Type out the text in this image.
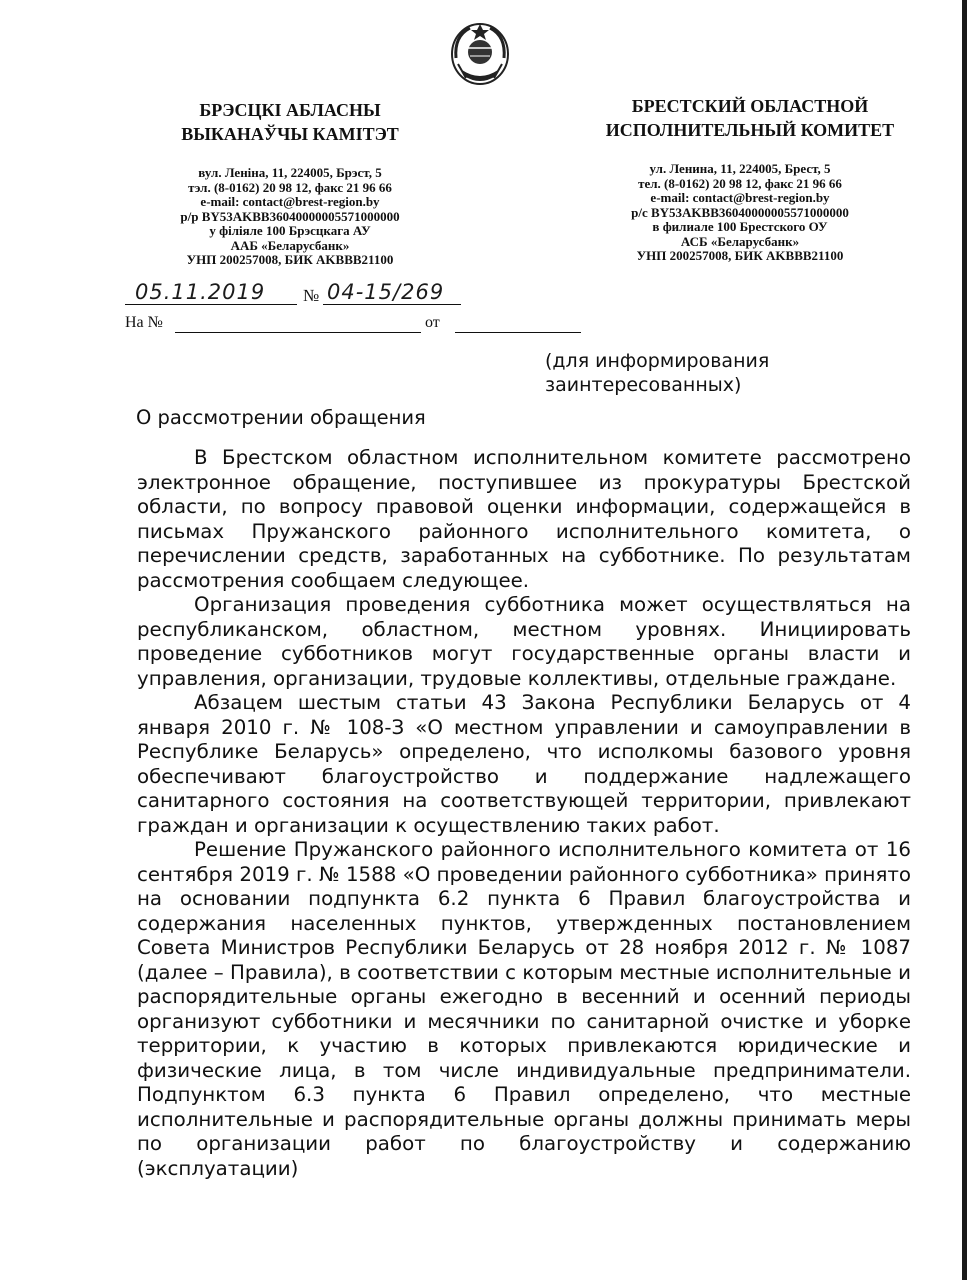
БРЭСЦКІ АБЛАСНЫ
ВЫКАНАЎЧЫ КАМІТЭТ
БРЕСТСКИЙ ОБЛАСТНОЙ
ИСПОЛНИТЕЛЬНЫЙ КОМИТЕТ
вул. Леніна, 11, 224005, Брэст, 5
тэл. (8-0162) 20 98 12, факс 21 96 66
e-mail: contact@brest-region.by
р/р BY53AKBB36040000005571000000
у філіяле 100 Брэсцкага АУ
ААБ «Беларусбанк»
УНП 200257008, БИК AKBBB21100
ул. Ленина, 11, 224005, Брест, 5
тел. (8-0162) 20 98 12, факс 21 96 66
e-mail: contact@brest-region.by
р/с BY53AKBB36040000005571000000
в филиале 100 Брестского ОУ
АСБ «Беларусбанк»
УНП 200257008, БИК AKBBB21100
05.11.2019 № 04-15/269
На №	от
(для информирования
заинтересованных)
О рассмотрении обращения

В Брестском областном исполнительном комитете рассмотрено электронное обращение, поступившее из прокуратуры Брестской области, по вопросу правовой оценки информации, содержащейся в письмах Пружанского районного исполнительного комитета, о перечислении средств, заработанных на субботнике. По результатам рассмотрения сообщаем следующее.

Организация проведения субботника может осуществляться на республиканском, областном, местном уровнях. Инициировать проведение субботников могут государственные органы власти и управления, организации, трудовые коллективы, отдельные граждане.

Абзацем шестым статьи 43 Закона Республики Беларусь от 4 января 2010 г. № 108-З «О местном управлении и самоуправлении в Республике Беларусь» определено, что исполкомы базового уровня обеспечивают благоустройство и поддержание надлежащего санитарного состояния на соответствующей территории, привлекают граждан и организации к осуществлению таких работ.

Решение Пружанского районного исполнительного комитета от 16 сентября 2019 г. № 1588 «О проведении районного субботника» принято на основании подпункта 6.2 пункта 6 Правил благоустройства и содержания населенных пунктов, утвержденных постановлением Совета Министров Республики Беларусь от 28 ноября 2012 г. № 1087 (далее – Правила), в соответствии с которым местные исполнительные и распорядительные органы ежегодно в весенний и осенний периоды организуют субботники и месячники по санитарной очистке и уборке территории, к участию в которых привлекаются юридические и физические лица, в том числе индивидуальные предприниматели. Подпунктом 6.3 пункта 6 Правил определено, что местные исполнительные и распорядительные органы должны принимать меры по организации работ по благоустройству и содержанию (эксплуатации)
